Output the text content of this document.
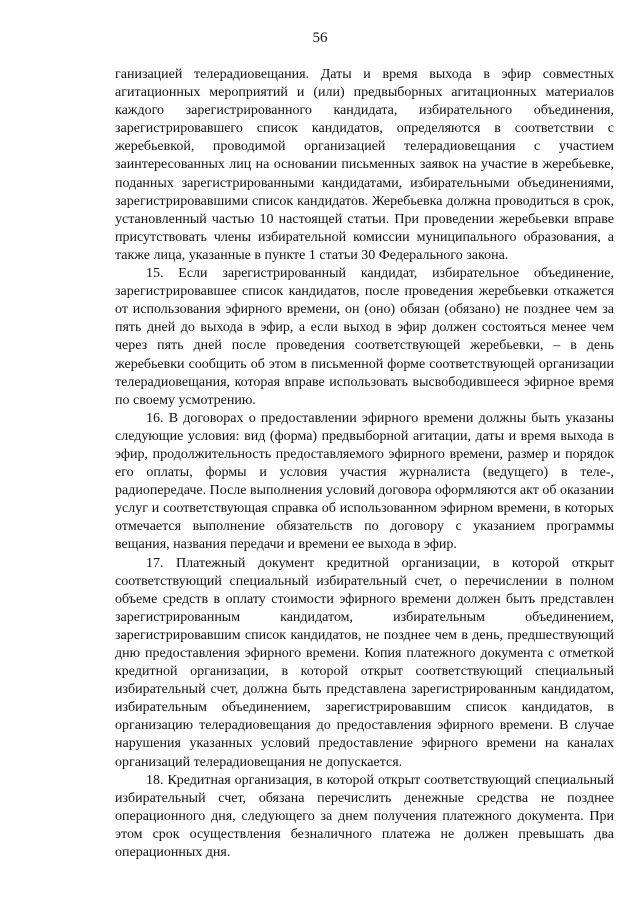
56

ганизацией телерадиовещания. Даты и время выхода в эфир совместных агитационных мероприятий и (или) предвыборных агитационных материалов каждого зарегистрированного кандидата, избирательного объединения, зарегистрировавшего список кандидатов, определяются в соответствии с жеребьевкой, проводимой организацией телерадиовещания с участием заинтересованных лиц на основании письменных заявок на участие в жеребьевке, поданных зарегистрированными кандидатами, избирательными объединениями, зарегистрировавшими список кандидатов. Жеребьевка должна проводиться в срок, установленный частью 10 настоящей статьи. При проведении жеребьевки вправе присутствовать члены избирательной комиссии муниципального образования, а также лица, указанные в пункте 1 статьи 30 Федерального закона.

15. Если зарегистрированный кандидат, избирательное объединение, зарегистрировавшее список кандидатов, после проведения жеребьевки откажется от использования эфирного времени, он (оно) обязан (обязано) не позднее чем за пять дней до выхода в эфир, а если выход в эфир должен состояться менее чем через пять дней после проведения соответствующей жеребьевки, – в день жеребьевки сообщить об этом в письменной форме соответствующей организации телерадиовещания, которая вправе использовать высвободившееся эфирное время по своему усмотрению.

16. В договорах о предоставлении эфирного времени должны быть указаны следующие условия: вид (форма) предвыборной агитации, даты и время выхода в эфир, продолжительность предоставляемого эфирного времени, размер и порядок его оплаты, формы и условия участия журналиста (ведущего) в теле-, радиопередаче. После выполнения условий договора оформляются акт об оказании услуг и соответствующая справка об использованном эфирном времени, в которых отмечается выполнение обязательств по договору с указанием программы вещания, названия передачи и времени ее выхода в эфир.

17. Платежный документ кредитной организации, в которой открыт соответствующий специальный избирательный счет, о перечислении в полном объеме средств в оплату стоимости эфирного времени должен быть представлен зарегистрированным кандидатом, избирательным объединением, зарегистрировавшим список кандидатов, не позднее чем в день, предшествующий дню предоставления эфирного времени. Копия платежного документа с отметкой кредитной организации, в которой открыт соответствующий специальный избирательный счет, должна быть представлена зарегистрированным кандидатом, избирательным объединением, зарегистрировавшим список кандидатов, в организацию телерадиовещания до предоставления эфирного времени. В случае нарушения указанных условий предоставление эфирного времени на каналах организаций телерадиовещания не допускается.

18. Кредитная организация, в которой открыт соответствующий специальный избирательный счет, обязана перечислить денежные средства не позднее операционного дня, следующего за днем получения платежного документа. При этом срок осуществления безналичного платежа не должен превышать два операционных дня.
